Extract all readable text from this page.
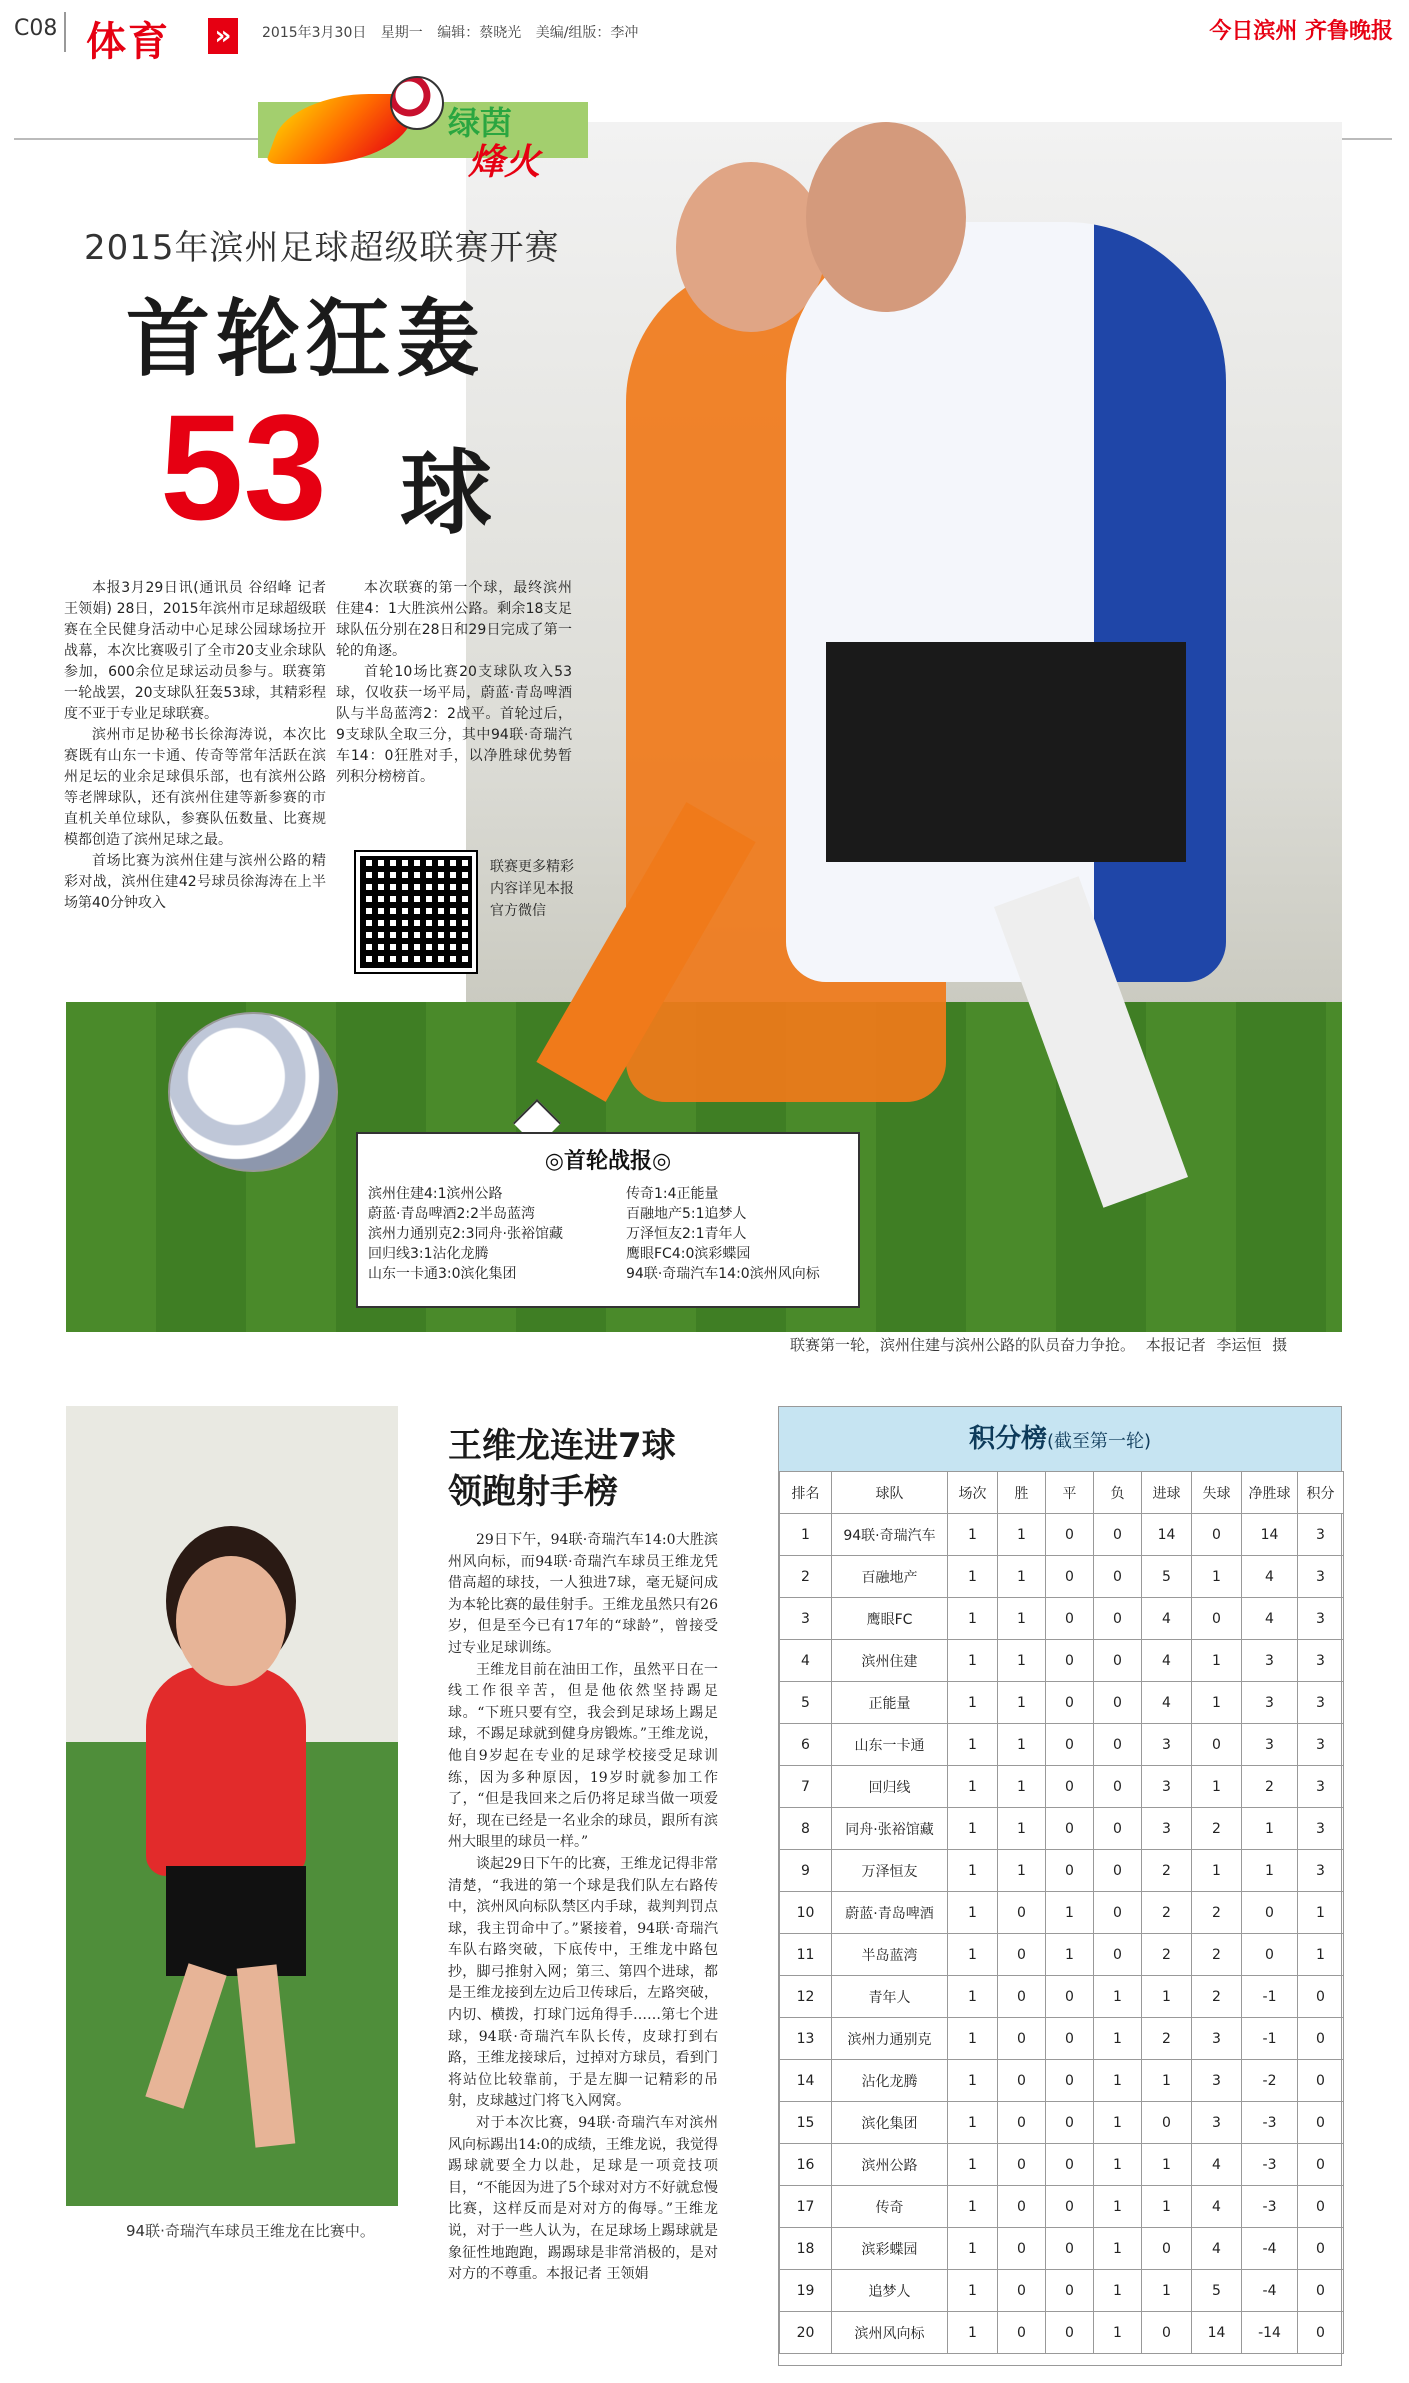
C08 体育 »	2015年3月30日 星期一 编辑：蔡晓光 美编/组版：李冲	今日滨州 齐鲁晚报
绿茵
烽火
2015年滨州足球超级联赛开赛
首轮狂轰
53 球

本报3月29日讯(通讯员 谷绍峰 记者 王领娟) 28日，2015年滨州市足球超级联赛在全民健身活动中心足球公园球场拉开战幕，本次比赛吸引了全市20支业余球队参加，600余位足球运动员参与。联赛第一轮战罢，20支球队狂轰53球，其精彩程度不亚于专业足球联赛。

滨州市足协秘书长徐海涛说，本次比赛既有山东一卡通、传奇等常年活跃在滨州足坛的业余足球俱乐部，也有滨州公路等老牌球队，还有滨州住建等新参赛的市直机关单位球队，参赛队伍数量、比赛规模都创造了滨州足球之最。

首场比赛为滨州住建与滨州公路的精彩对战，滨州住建42号球员徐海涛在上半场第40分钟攻入

本次联赛的第一个球，最终滨州住建4：1大胜滨州公路。剩余18支足球队伍分别在28日和29日完成了第一轮的角逐。

首轮10场比赛20支球队攻入53球，仅收获一场平局，蔚蓝·青岛啤酒队与半岛蓝湾2：2战平。首轮过后，9支球队全取三分，其中94联·奇瑞汽车14：0狂胜对手，以净胜球优势暂列积分榜榜首。

联赛更多精彩内容详见本报官方微信
◎首轮战报◎
滨州住建4:1滨州公路
蔚蓝·青岛啤酒2:2半岛蓝湾
滨州力通别克2:3同舟·张裕馆藏
回归线3:1沾化龙腾
山东一卡通3:0滨化集团
传奇1:4正能量
百融地产5:1追梦人
万泽恒友2:1青年人
鹰眼FC4:0滨彩蝶园
94联·奇瑞汽车14:0滨州风向标
联赛第一轮，滨州住建与滨州公路的队员奋力争抢。 本报记者 李运恒 摄
94联·奇瑞汽车球员王维龙在比赛中。
王维龙连进7球
领跑射手榜

29日下午，94联·奇瑞汽车14:0大胜滨州风向标，而94联·奇瑞汽车球员王维龙凭借高超的球技，一人独进7球，毫无疑问成为本轮比赛的最佳射手。王维龙虽然只有26岁，但是至今已有17年的“球龄”，曾接受过专业足球训练。

王维龙目前在油田工作，虽然平日在一线工作很辛苦，但是他依然坚持踢足球。“下班只要有空，我会到足球场上踢足球，不踢足球就到健身房锻炼。”王维龙说，他自9岁起在专业的足球学校接受足球训练，因为多种原因，19岁时就参加工作了，“但是我回来之后仍将足球当做一项爱好，现在已经是一名业余的球员，跟所有滨州大眼里的球员一样。”

谈起29日下午的比赛，王维龙记得非常清楚，“我进的第一个球是我们队左右路传中，滨州风向标队禁区内手球，裁判判罚点球，我主罚命中了。”紧接着，94联·奇瑞汽车队右路突破，下底传中，王维龙中路包抄，脚弓推射入网；第三、第四个进球，都是王维龙接到左边后卫传球后，左路突破，内切、横拨，打球门远角得手……第七个进球，94联·奇瑞汽车队长传，皮球打到右路，王维龙接球后，过掉对方球员，看到门将站位比较靠前，于是左脚一记精彩的吊射，皮球越过门将飞入网窝。

对于本次比赛，94联·奇瑞汽车对滨州风向标踢出14:0的成绩，王维龙说，我觉得踢球就要全力以赴，足球是一项竞技项目，“不能因为进了5个球对对方不好就怠慢比赛，这样反而是对对方的侮辱。”王维龙说，对于一些人认为，在足球场上踢球就是象征性地跑跑，踢踢球是非常消极的，是对对方的不尊重。本报记者 王领娟

积分榜(截至第一轮)
排名	球队	场次	胜	平	负	进球	失球	净胜球	积分
1	94联·奇瑞汽车	1	1	0	0	14	0	14	3
2	百融地产	1	1	0	0	5	1	4	3
3	鹰眼FC	1	1	0	0	4	0	4	3
4	滨州住建	1	1	0	0	4	1	3	3
5	正能量	1	1	0	0	4	1	3	3
6	山东一卡通	1	1	0	0	3	0	3	3
7	回归线	1	1	0	0	3	1	2	3
8	同舟·张裕馆藏	1	1	0	0	3	2	1	3
9	万泽恒友	1	1	0	0	2	1	1	3
10	蔚蓝·青岛啤酒	1	0	1	0	2	2	0	1
11	半岛蓝湾	1	0	1	0	2	2	0	1
12	青年人	1	0	0	1	1	2	-1	0
13	滨州力通别克	1	0	0	1	2	3	-1	0
14	沾化龙腾	1	0	0	1	1	3	-2	0
15	滨化集团	1	0	0	1	0	3	-3	0
16	滨州公路	1	0	0	1	1	4	-3	0
17	传奇	1	0	0	1	1	4	-3	0
18	滨彩蝶园	1	0	0	1	0	4	-4	0
19	追梦人	1	0	0	1	1	5	-4	0
20	滨州风向标	1	0	0	1	0	14	-14	0
